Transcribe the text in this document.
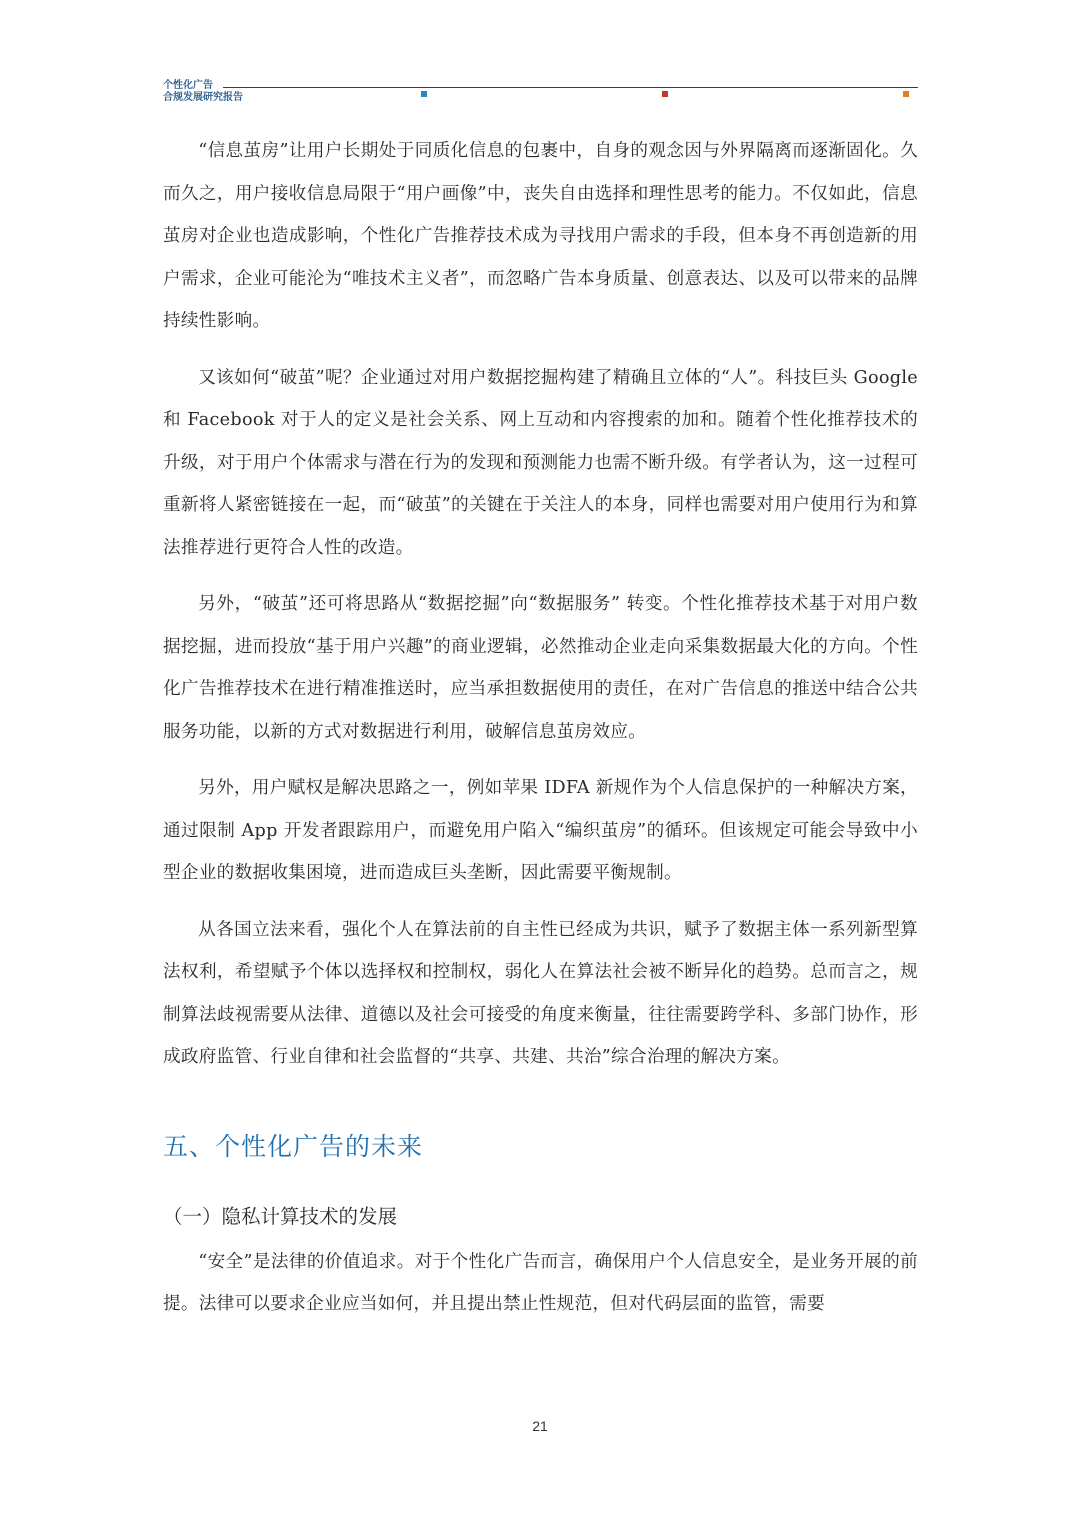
个性化广告
合规发展研究报告

“信息茧房”让用户长期处于同质化信息的包裹中，自身的观念因与外界隔离而逐渐固化。久而久之，用户接收信息局限于“用户画像”中，丧失自由选择和理性思考的能力。不仅如此，信息茧房对企业也造成影响，个性化广告推荐技术成为寻找用户需求的手段，但本身不再创造新的用户需求，企业可能沦为“唯技术主义者”，而忽略广告本身质量、创意表达、以及可以带来的品牌持续性影响。

又该如何“破茧”呢？企业通过对用户数据挖掘构建了精确且立体的“人”。科技巨头 Google 和 Facebook 对于人的定义是社会关系、网上互动和内容搜索的加和。随着个性化推荐技术的升级，对于用户个体需求与潜在行为的发现和预测能力也需不断升级。有学者认为，这一过程可重新将人紧密链接在一起，而“破茧”的关键在于关注人的本身，同样也需要对用户使用行为和算法推荐进行更符合人性的改造。

另外，“破茧”还可将思路从“数据挖掘”向“数据服务” 转变。个性化推荐技术基于对用户数据挖掘，进而投放“基于用户兴趣”的商业逻辑，必然推动企业走向采集数据最大化的方向。个性化广告推荐技术在进行精准推送时，应当承担数据使用的责任，在对广告信息的推送中结合公共服务功能，以新的方式对数据进行利用，破解信息茧房效应。

另外，用户赋权是解决思路之一，例如苹果 IDFA 新规作为个人信息保护的一种解决方案，通过限制 App 开发者跟踪用户，而避免用户陷入“编织茧房”的循环。但该规定可能会导致中小型企业的数据收集困境，进而造成巨头垄断，因此需要平衡规制。

从各国立法来看，强化个人在算法前的自主性已经成为共识，赋予了数据主体一系列新型算法权利，希望赋予个体以选择权和控制权，弱化人在算法社会被不断异化的趋势。总而言之，规制算法歧视需要从法律、道德以及社会可接受的角度来衡量，往往需要跨学科、多部门协作，形成政府监管、行业自律和社会监督的“共享、共建、共治”综合治理的解决方案。

五、个性化广告的未来
（一）隐私计算技术的发展

“安全”是法律的价值追求。对于个性化广告而言，确保用户个人信息安全，是业务开展的前提。法律可以要求企业应当如何，并且提出禁止性规范，但对代码层面的监管，需要

21
